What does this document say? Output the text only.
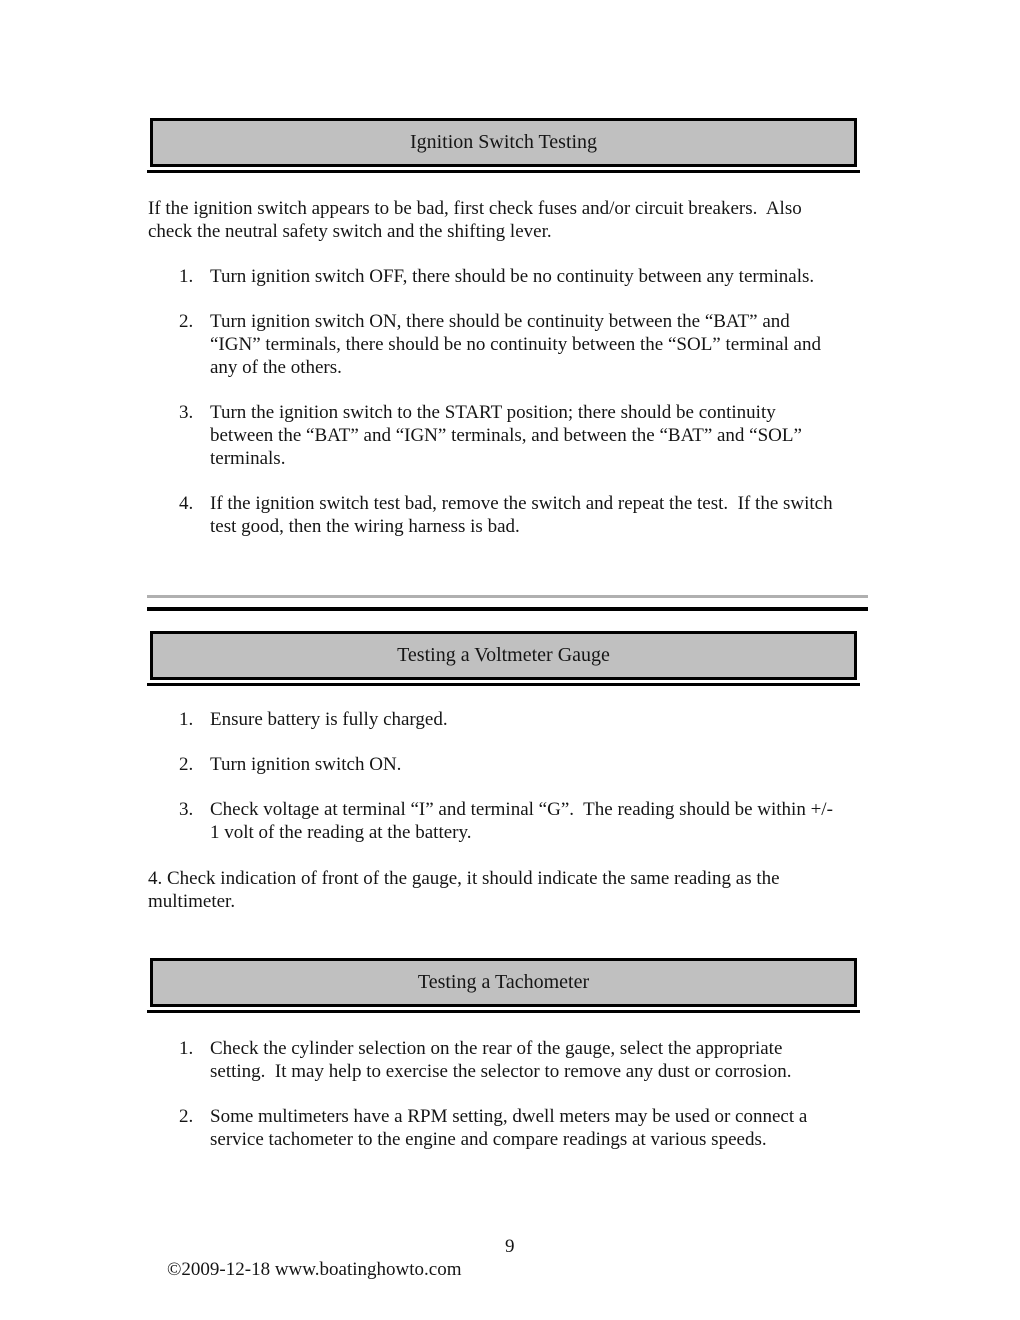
Ignition Switch Testing
If the ignition switch appears to be bad, first check fuses and/or circuit breakers.  Also
check the neutral safety switch and the shifting lever.
1. Turn ignition switch OFF, there should be no continuity between any terminals.
2. Turn ignition switch ON, there should be continuity between the “BAT” and
“IGN” terminals, there should be no continuity between the “SOL” terminal and
any of the others.
3. Turn the ignition switch to the START position; there should be continuity
between the “BAT” and “IGN” terminals, and between the “BAT” and “SOL”
terminals.
4. If the ignition switch test bad, remove the switch and repeat the test.  If the switch
test good, then the wiring harness is bad.
Testing a Voltmeter Gauge
1. Ensure battery is fully charged.
2. Turn ignition switch ON.
3. Check voltage at terminal “I” and terminal “G”.  The reading should be within +/-
1 volt of the reading at the battery.
4. Check indication of front of the gauge, it should indicate the same reading as the
multimeter.
Testing a Tachometer
1. Check the cylinder selection on the rear of the gauge, select the appropriate
setting.  It may help to exercise the selector to remove any dust or corrosion.
2. Some multimeters have a RPM setting, dwell meters may be used or connect a
service tachometer to the engine and compare readings at various speeds.

©2009-12-18 www.boatinghowto.com

9
